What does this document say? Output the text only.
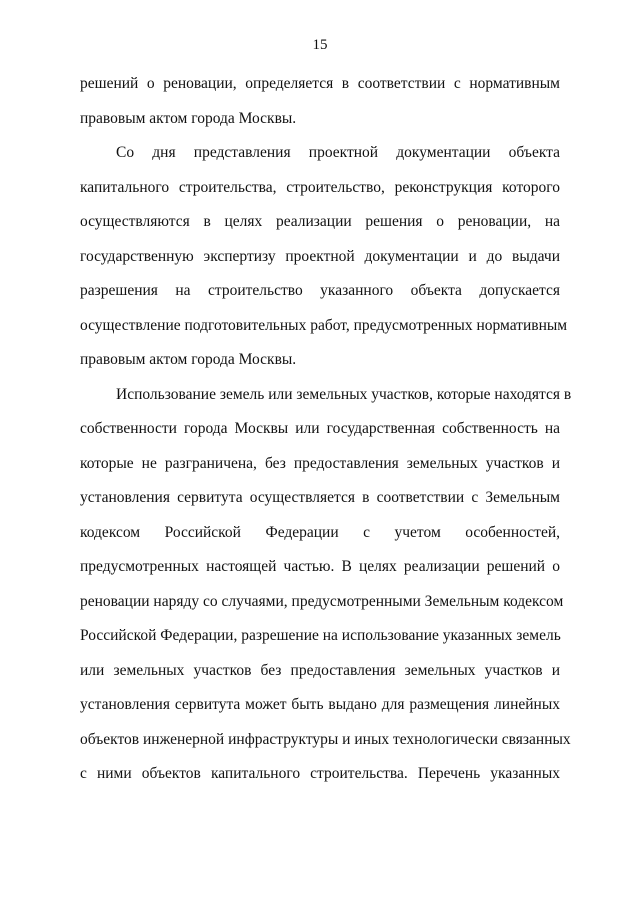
15

решений о реновации, определяется в соответствии с нормативным
правовым актом города Москвы.

Со дня представления проектной документации объекта
капитального строительства, строительство, реконструкция которого
осуществляются в целях реализации решения о реновации, на
государственную экспертизу проектной документации и до выдачи
разрешения на строительство указанного объекта допускается
осуществление подготовительных работ, предусмотренных нормативным
правовым актом города Москвы.

Использование земель или земельных участков, которые находятся в
собственности города Москвы или государственная собственность на
которые не разграничена, без предоставления земельных участков и
установления сервитута осуществляется в соответствии с Земельным
кодексом Российской Федерации с учетом особенностей,
предусмотренных настоящей частью. В целях реализации решений о
реновации наряду со случаями, предусмотренными Земельным кодексом
Российской Федерации, разрешение на использование указанных земель
или земельных участков без предоставления земельных участков и
установления сервитута может быть выдано для размещения линейных
объектов инженерной инфраструктуры и иных технологически связанных
с ними объектов капитального строительства. Перечень указанных
